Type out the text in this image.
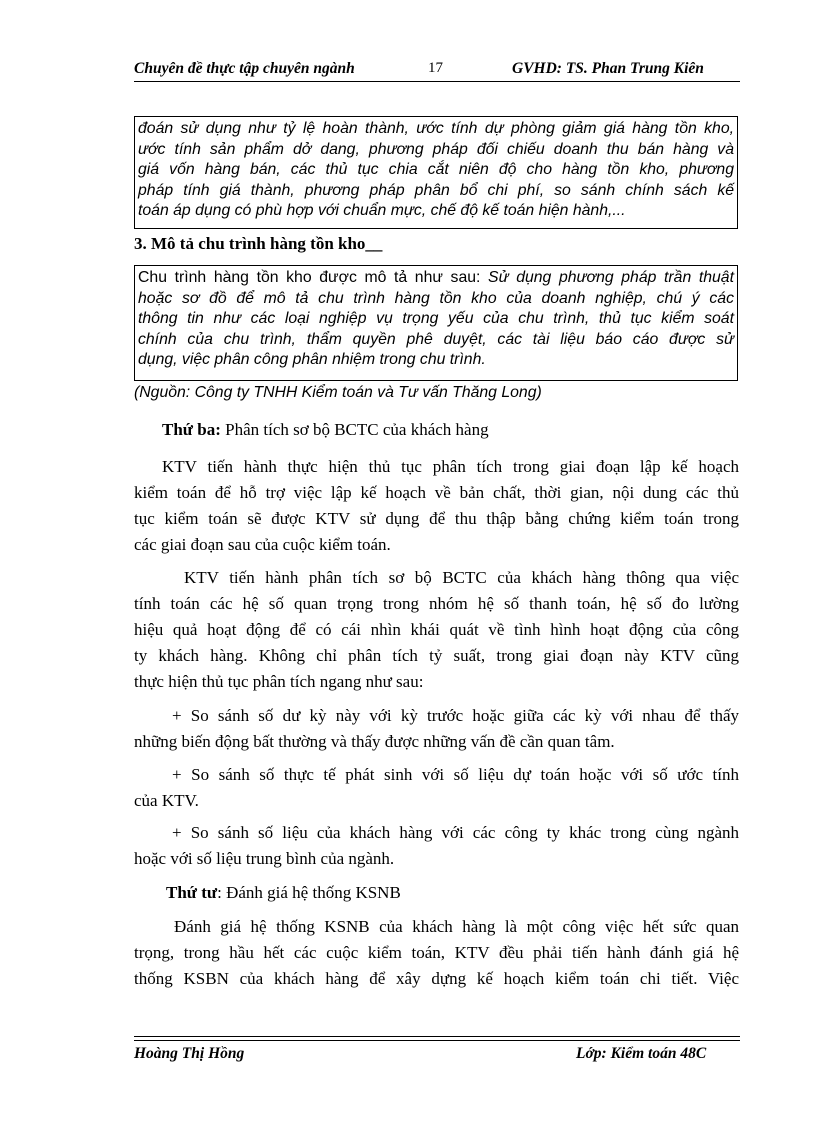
Chuyên đề thực tập chuyên ngành	17	GVHD: TS. Phan Trung Kiên
đoán sử dụng như tỷ lệ hoàn thành, ước tính dự phòng giảm giá hàng tồn kho,
ước tính sản phẩm dở dang, phương pháp đối chiếu doanh thu bán hàng và
giá vốn hàng bán, các thủ tục chia cắt niên độ cho hàng tồn kho, phương
pháp tính giá thành, phương pháp phân bổ chi phí, so sánh chính sách kế
toán áp dụng có phù hợp với chuẩn mực, chế độ kế toán hiện hành,...
3. Mô tả chu trình hàng tồn kho__
Chu trình hàng tồn kho được mô tả như sau: Sử dụng phương pháp trần thuật
hoặc sơ đồ để mô tả chu trình hàng tồn kho của doanh nghiệp, chú ý các
thông tin như các loại nghiệp vụ trọng yếu của chu trình, thủ tục kiểm soát
chính của chu trình, thẩm quyền phê duyệt, các tài liệu báo cáo được sử
dụng, việc phân công phân nhiệm trong chu trình.
(Nguồn: Công ty TNHH Kiểm toán và Tư vấn Thăng Long)
Thứ ba: Phân tích sơ bộ BCTC của khách hàng
KTV tiến hành thực hiện thủ tục phân tích trong giai đoạn lập kế hoạch
kiểm toán để hỗ trợ việc lập kế hoạch về bản chất, thời gian, nội dung các thủ
tục kiểm toán sẽ được KTV sử dụng để thu thập bằng chứng kiểm toán trong
các giai đoạn sau của cuộc kiểm toán.
KTV tiến hành phân tích sơ bộ BCTC của khách hàng thông qua việc
tính toán các hệ số quan trọng trong nhóm hệ số thanh toán, hệ số đo lường
hiệu quả hoạt động để có cái nhìn khái quát về tình hình hoạt động của công
ty khách hàng. Không chỉ phân tích tỷ suất, trong giai đoạn này KTV cũng
thực hiện thủ tục phân tích ngang như sau:
+ So sánh số dư kỳ này với kỳ trước hoặc giữa các kỳ với nhau để thấy
những biến động bất thường và thấy được những vấn đề cần quan tâm.
+ So sánh số thực tế phát sinh với số liệu dự toán hoặc với số ước tính
của KTV.
+ So sánh số liệu của khách hàng với các công ty khác trong cùng ngành
hoặc với số liệu trung bình của ngành.
Thứ tư: Đánh giá hệ thống KSNB
Đánh giá hệ thống KSNB của khách hàng là một công việc hết sức quan
trọng, trong hầu hết các cuộc kiểm toán, KTV đều phải tiến hành đánh giá hệ
thống KSBN của khách hàng để xây dựng kế hoạch kiểm toán chi tiết. Việc
Hoàng Thị Hồng	Lớp: Kiểm toán 48C
